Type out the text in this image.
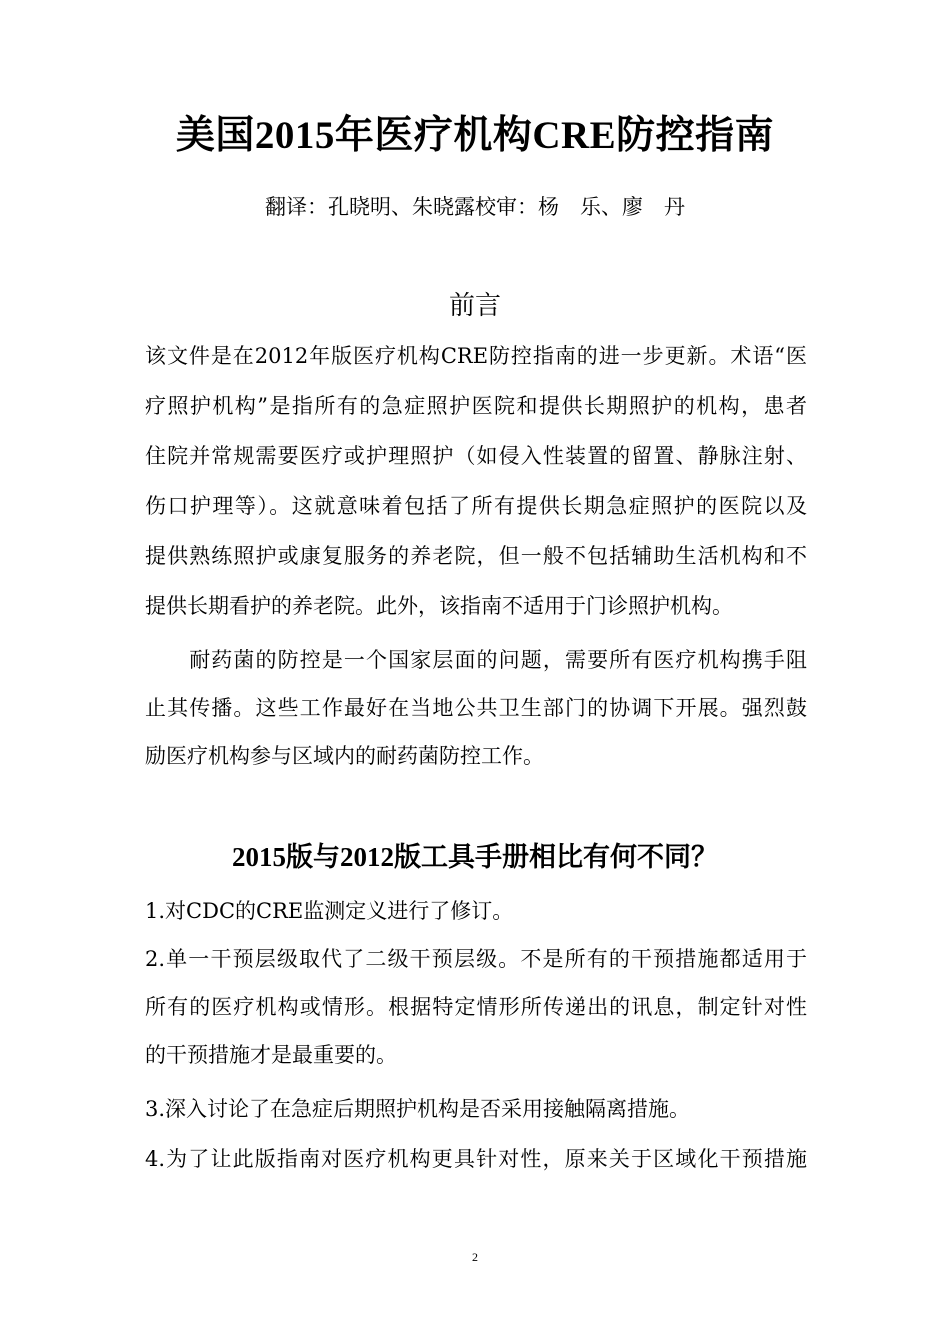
美国2015年医疗机构CRE防控指南
翻译：孔晓明、朱晓露校审：杨　乐、廖　丹
前言
该文件是在2012年版医疗机构CRE防控指南的进一步更新。术语“医
疗照护机构”是指所有的急症照护医院和提供长期照护的机构，患者
住院并常规需要医疗或护理照护（如侵入性装置的留置、静脉注射、
伤口护理等）。这就意味着包括了所有提供长期急症照护的医院以及
提供熟练照护或康复服务的养老院，但一般不包括辅助生活机构和不
提供长期看护的养老院。此外，该指南不适用于门诊照护机构。
　　耐药菌的防控是一个国家层面的问题，需要所有医疗机构携手阻
止其传播。这些工作最好在当地公共卫生部门的协调下开展。强烈鼓
励医疗机构参与区域内的耐药菌防控工作。
2015版与2012版工具手册相比有何不同？
1.对CDC的CRE监测定义进行了修订。
2.单一干预层级取代了二级干预层级。不是所有的干预措施都适用于
所有的医疗机构或情形。根据特定情形所传递出的讯息，制定针对性
的干预措施才是最重要的。
3.深入讨论了在急症后期照护机构是否采用接触隔离措施。
4.为了让此版指南对医疗机构更具针对性，原来关于区域化干预措施
2
